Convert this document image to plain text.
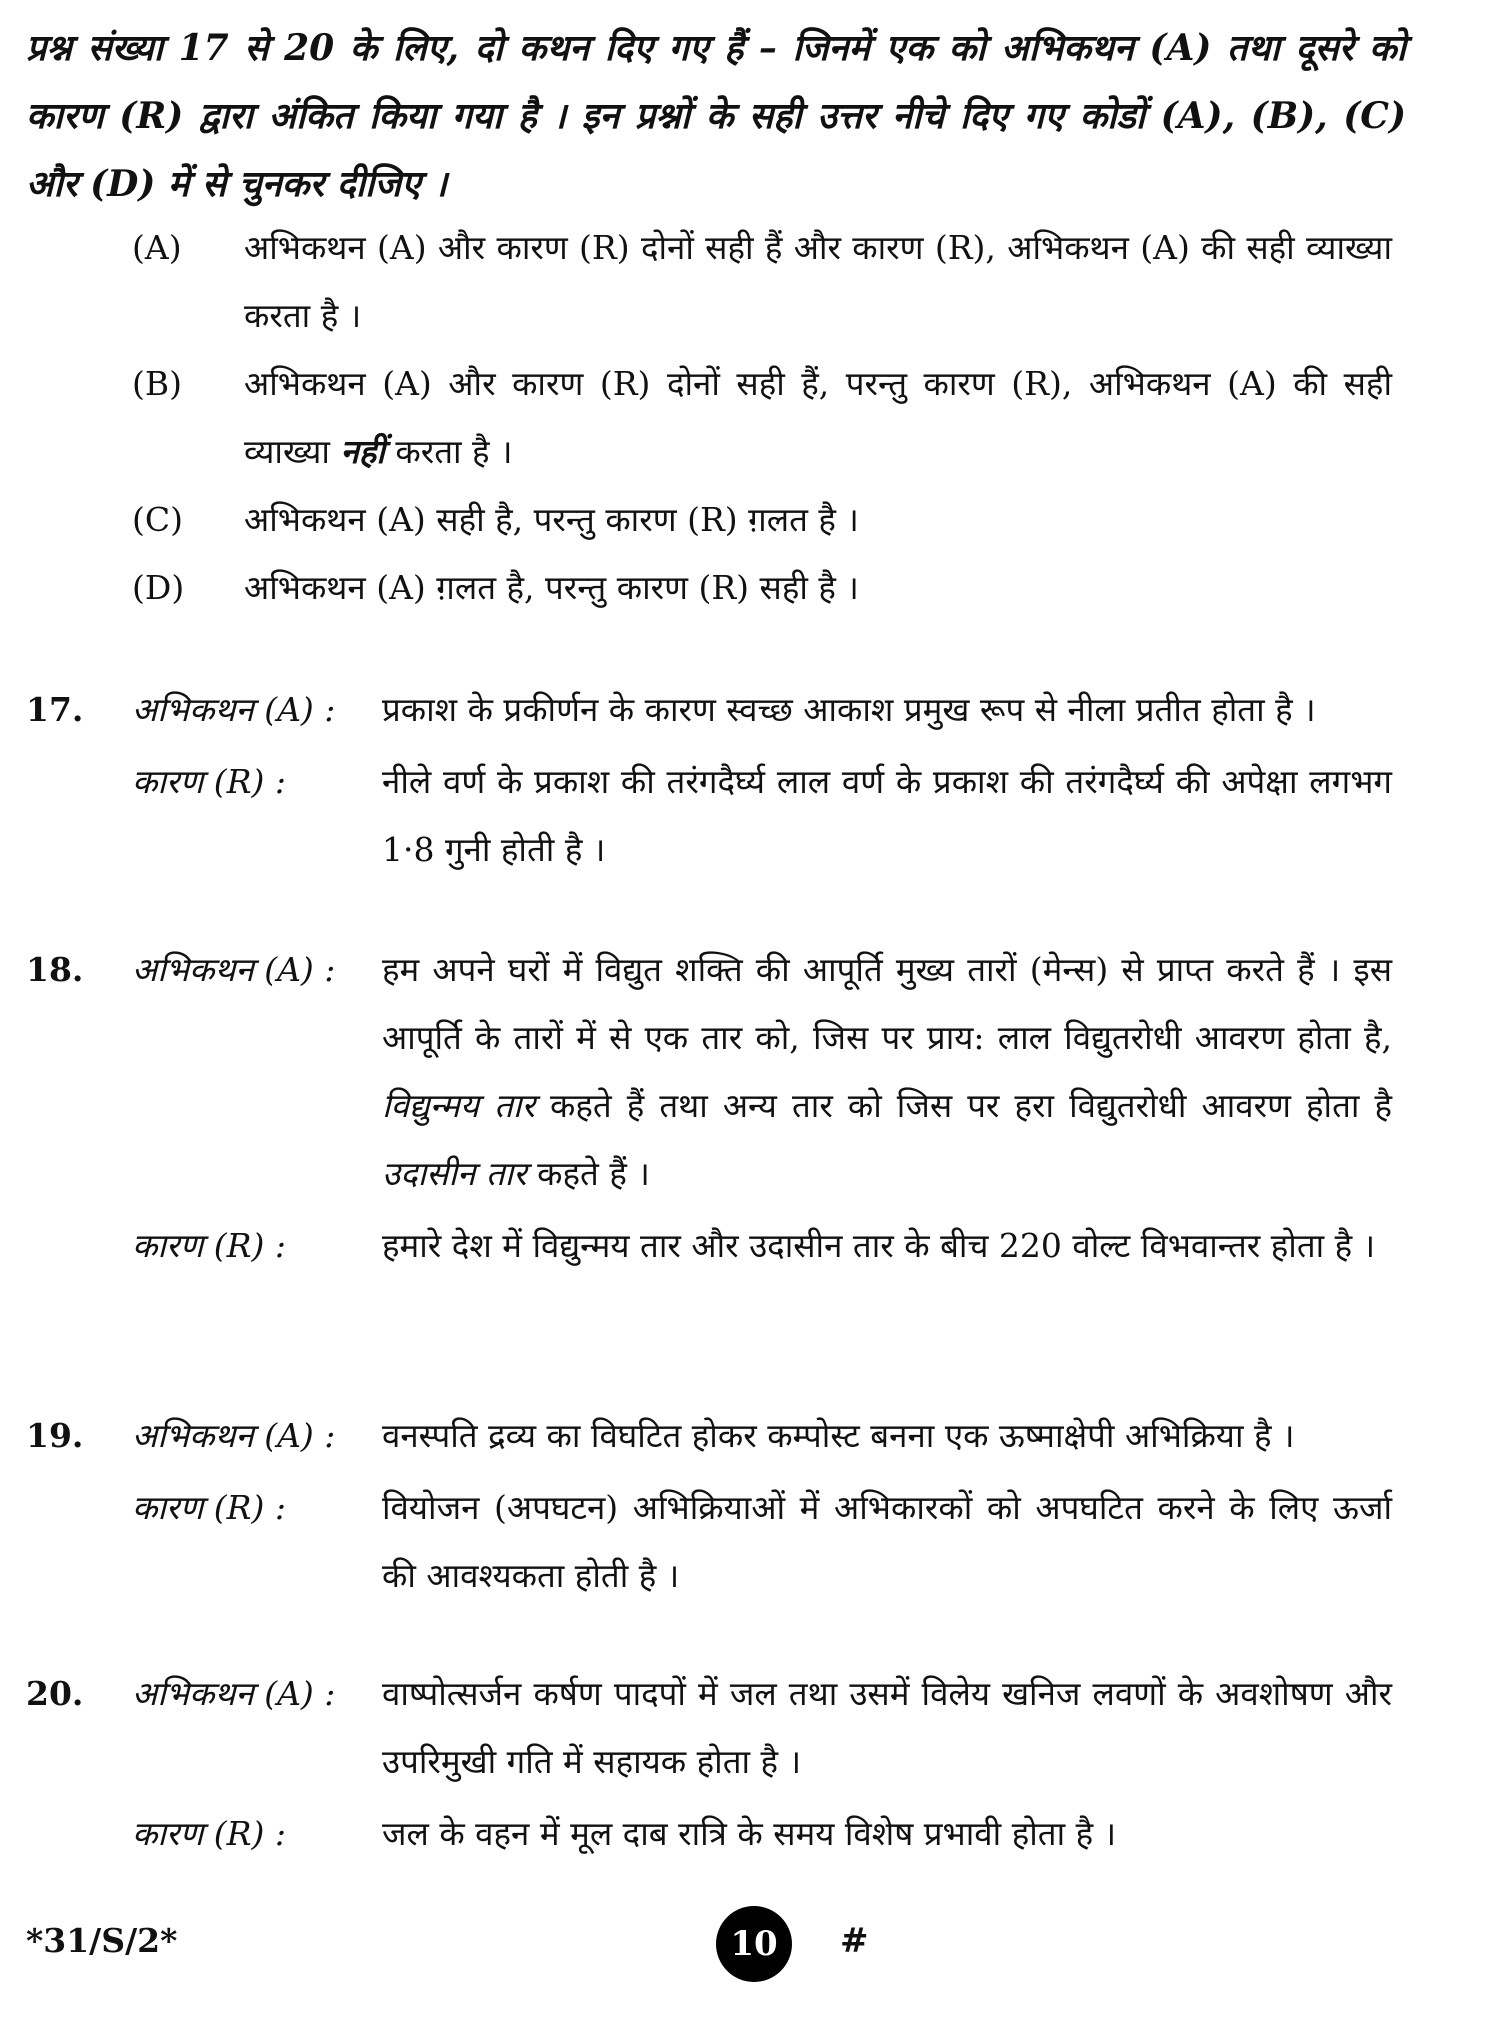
प्रश्न संख्या 17 से 20 के लिए, दो कथन दिए गए हैं – जिनमें एक को अभिकथन (A) तथा दूसरे को कारण (R) द्वारा अंकित किया गया है । इन प्रश्नों के सही उत्तर नीचे दिए गए कोडों (A), (B), (C) और (D) में से चुनकर दीजिए ।
(A)	अभिकथन (A) और कारण (R) दोनों सही हैं और कारण (R), अभिकथन (A) की सही व्याख्या करता है ।
(B)	अभिकथन (A) और कारण (R) दोनों सही हैं, परन्तु कारण (R), अभिकथन (A) की सही व्याख्या नहीं करता है ।
(C)	अभिकथन (A) सही है, परन्तु कारण (R) ग़लत है ।
(D)	अभिकथन (A) ग़लत है, परन्तु कारण (R) सही है ।
17. अभिकथन (A) : प्रकाश के प्रकीर्णन के कारण स्वच्छ आकाश प्रमुख रूप से नीला प्रतीत होता है ।
कारण (R) :	नीले वर्ण के प्रकाश की तरंगदैर्घ्य लाल वर्ण के प्रकाश की तरंगदैर्घ्य की अपेक्षा लगभग 1·8 गुनी होती है ।
18. अभिकथन (A) : हम अपने घरों में विद्युत शक्ति की आपूर्ति मुख्य तारों (मेन्स) से प्राप्त करते हैं । इस आपूर्ति के तारों में से एक तार को, जिस पर प्राय: लाल विद्युतरोधी आवरण होता है, विद्युन्मय तार कहते हैं तथा अन्य तार को जिस पर हरा विद्युतरोधी आवरण होता है उदासीन तार कहते हैं ।
कारण (R) :	हमारे देश में विद्युन्मय तार और उदासीन तार के बीच 220 वोल्ट विभवान्तर होता है ।
19. अभिकथन (A) : वनस्पति द्रव्य का विघटित होकर कम्पोस्ट बनना एक ऊष्माक्षेपी अभिक्रिया है ।
कारण (R) :	वियोजन (अपघटन) अभिक्रियाओं में अभिकारकों को अपघटित करने के लिए ऊर्जा की आवश्यकता होती है ।
20. अभिकथन (A) : वाष्पोत्सर्जन कर्षण पादपों में जल तथा उसमें विलेय खनिज लवणों के अवशोषण और उपरिमुखी गति में सहायक होता है ।
कारण (R) :	जल के वहन में मूल दाब रात्रि के समय विशेष प्रभावी होता है ।
*31/S/2*	10 #
